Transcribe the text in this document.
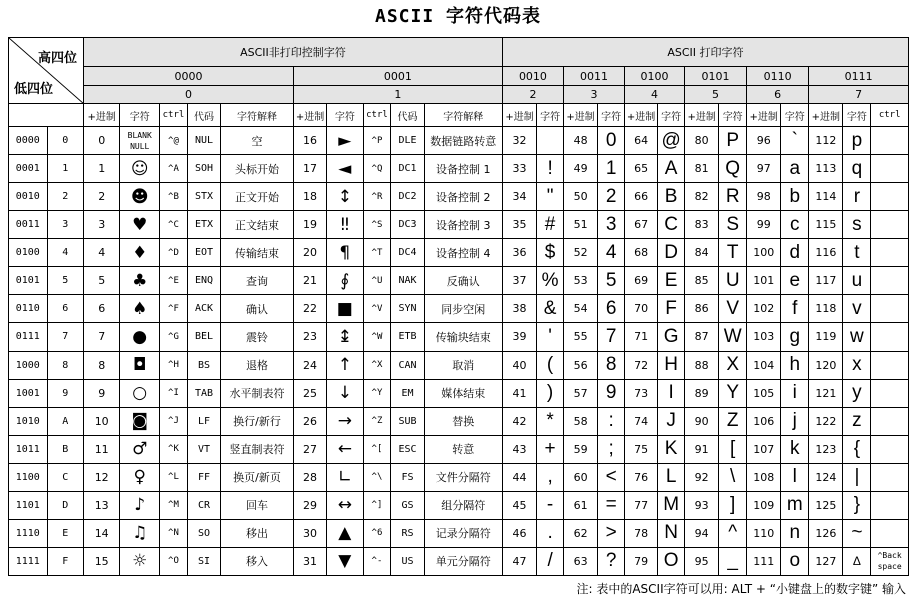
ASCII 字符代码表
高四位
低四位		ASCII非打印控制字符										ASCII 打印字符												
		0000					0001					0010		0011		0100		0101		0110		0111		
		0					1					2		3		4		5		6		7		
		+进制	字符	ctrl	代码	字符解释	+进制	字符	ctrl	代码	字符解释	+进制	字符	+进制	字符	+进制	字符	+进制	字符	+进制	字符	+进制	字符	ctrl
0000	0	0	BLANK NULL	^@	NUL	空	16	►	^P	DLE	数据链路转意	32		48	0	64	@	80	P	96	`	112	p	
0001	1	1	☺	^A	SOH	头标开始	17	◄	^Q	DC1	设备控制 1	33	!	49	1	65	A	81	Q	97	a	113	q	
0010	2	2	☻	^B	STX	正文开始	18	↕	^R	DC2	设备控制 2	34	"	50	2	66	B	82	R	98	b	114	r	
0011	3	3	♥	^C	ETX	正文结束	19	‼	^S	DC3	设备控制 3	35	#	51	3	67	C	83	S	99	c	115	s	
0100	4	4	♦	^D	EOT	传输结束	20	¶	^T	DC4	设备控制 4	36	$	52	4	68	D	84	T	100	d	116	t	
0101	5	5	♣	^E	ENQ	查询	21	∮	^U	NAK	反确认	37	%	53	5	69	E	85	U	101	e	117	u	
0110	6	6	♠	^F	ACK	确认	22	■	^V	SYN	同步空闲	38	&	54	6	70	F	86	V	102	f	118	v	
0111	7	7	●	^G	BEL	震铃	23	↨	^W	ETB	传输块结束	39	'	55	7	71	G	87	W	103	g	119	w	
1000	8	8	◘	^H	BS	退格	24	↑	^X	CAN	取消	40	(	56	8	72	H	88	X	104	h	120	x	
1001	9	9	○	^I	TAB	水平制表符	25	↓	^Y	EM	媒体结束	41	)	57	9	73	I	89	Y	105	i	121	y	
1010	A	10	◙	^J	LF	换行/新行	26	→	^Z	SUB	替换	42	*	58	:	74	J	90	Z	106	j	122	z	
1011	B	11	♂	^K	VT	竖直制表符	27	←	^[	ESC	转意	43	+	59	;	75	K	91	[	107	k	123	{	
1100	C	12	♀	^L	FF	换页/新页	28	∟	^\	FS	文件分隔符	44	,	60	<	76	L	92	\	108	l	124	|	
1101	D	13	♪	^M	CR	回车	29	↔	^]	GS	组分隔符	45	-	61	=	77	M	93	]	109	m	125	}	
1110	E	14	♫	^N	SO	移出	30	▲	^6	RS	记录分隔符	46	.	62	>	78	N	94	^	110	n	126	~	
1111	F	15	☼	^O	SI	移入	31	▼	^-	US	单元分隔符	47	/	63	?	79	O	95	_	111	o	127	Δ	^Back space
注: 表中的ASCII字符可以用: ALT + “小键盘上的数字键” 输入
